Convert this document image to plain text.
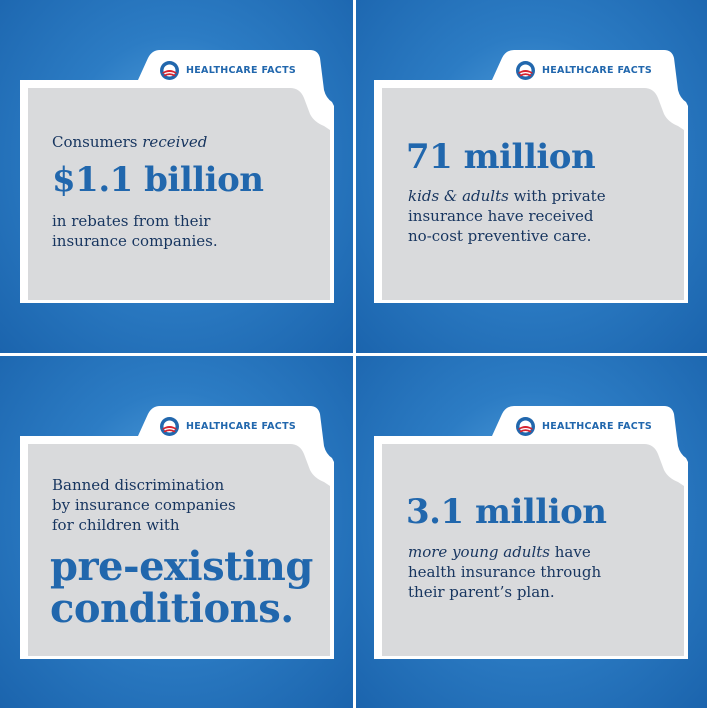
HEALTHCARE FACTS
Consumers received
$1.1 billion
in rebates from their
insurance companies.
HEALTHCARE FACTS
71 million
kids & adults with private
insurance have received
no-cost preventive care.
HEALTHCARE FACTS
Banned discrimination
by insurance companies
for children with
pre-existing
conditions.
HEALTHCARE FACTS
3.1 million
more young adults have
health insurance through
their parent’s plan.
